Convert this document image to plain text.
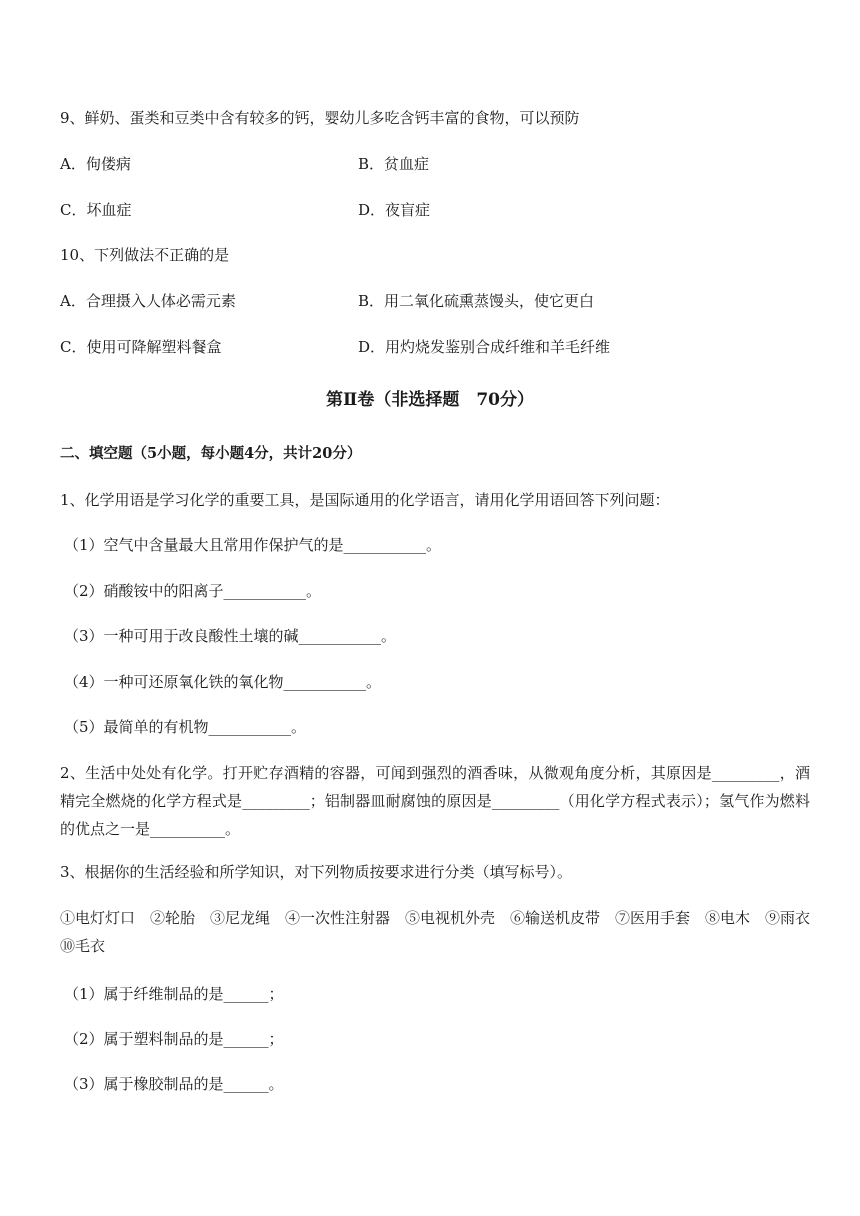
9、鲜奶、蛋类和豆类中含有较多的钙，婴幼儿多吃含钙丰富的食物，可以预防
A．佝偻病	B．贫血症
C．坏血症	D．夜盲症
10、下列做法不正确的是
A．合理摄入人体必需元素	B．用二氧化硫熏蒸馒头，使它更白
C．使用可降解塑料餐盒	D．用灼烧发鉴别合成纤维和羊毛纤维
第Ⅱ卷（非选择题　70分）
二、填空题（5小题，每小题4分，共计20分）
1、化学用语是学习化学的重要工具，是国际通用的化学语言，请用化学用语回答下列问题：
（1）空气中含量最大且常用作保护气的是___________。
（2）硝酸铵中的阳离子___________。
（3）一种可用于改良酸性土壤的碱___________。
（4）一种可还原氧化铁的氧化物___________。
（5）最简单的有机物___________。
2、生活中处处有化学。打开贮存酒精的容器，可闻到强烈的酒香味，从微观角度分析，其原因是_________，酒精完全燃烧的化学方程式是_________；铝制器皿耐腐蚀的原因是_________（用化学方程式表示）；氢气作为燃料的优点之一是__________。
3、根据你的生活经验和所学知识，对下列物质按要求进行分类（填写标号）。
①电灯灯口　②轮胎　③尼龙绳　④一次性注射器　⑤电视机外壳　⑥输送机皮带　⑦医用手套　⑧电木　⑨雨衣　⑩毛衣
（1）属于纤维制品的是______；
（2）属于塑料制品的是______；
（3）属于橡胶制品的是______。
